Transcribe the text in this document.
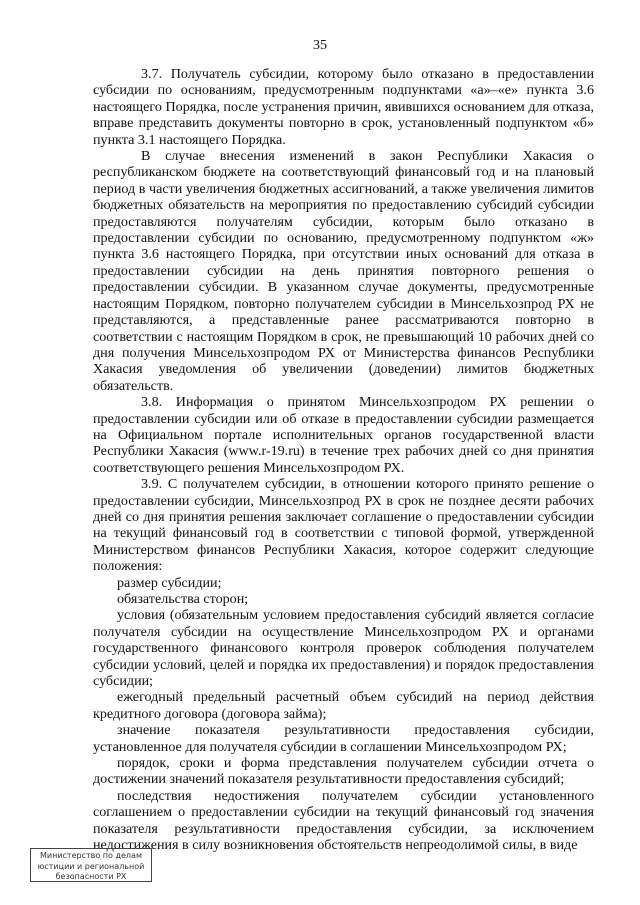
35

3.7. Получатель субсидии, которому было отказано в предоставлении субсидии по основаниям, предусмотренным подпунктами «а»–«е» пункта 3.6 настоящего Порядка, после устранения причин, явившихся основанием для отказа, вправе представить документы повторно в срок, установленный подпунктом «б» пункта 3.1 настоящего Порядка.

В случае внесения изменений в закон Республики Хакасия о республиканском бюджете на соответствующий финансовый год и на плановый период в части увеличения бюджетных ассигнований, а также увеличения лимитов бюджетных обязательств на мероприятия по предоставлению субсидий субсидии предоставляются получателям субсидии, которым было отказано в предоставлении субсидии по основанию, предусмотренному подпунктом «ж» пункта 3.6 настоящего Порядка, при отсутствии иных оснований для отказа в предоставлении субсидии на день принятия повторного решения о предоставлении субсидии. В указанном случае документы, предусмотренные настоящим Порядком, повторно получателем субсидии в Минсельхозпрод РХ не представляются, а представленные ранее рассматриваются повторно в соответствии с настоящим Порядком в срок, не превышающий 10 рабочих дней со дня получения Минсельхозпродом РХ от Министерства финансов Республики Хакасия уведомления об увеличении (доведении) лимитов бюджетных обязательств.

3.8. Информация о принятом Минсельхозпродом РХ решении о предоставлении субсидии или об отказе в предоставлении субсидии размещается на Официальном портале исполнительных органов государственной власти Республики Хакасия (www.r-19.ru) в течение трех рабочих дней со дня принятия соответствующего решения Минсельхозпродом РХ.

3.9. С получателем субсидии, в отношении которого принято решение о предоставлении субсидии, Минсельхозпрод РХ в срок не позднее десяти рабочих дней со дня принятия решения заключает соглашение о предоставлении субсидии на текущий финансовый год в соответствии с типовой формой, утвержденной Министерством финансов Республики Хакасия, которое содержит следующие положения:

размер субсидии;

обязательства сторон;

условия (обязательным условием предоставления субсидий является согласие получателя субсидии на осуществление Минсельхозпродом РХ и органами государственного финансового контроля проверок соблюдения получателем субсидии условий, целей и порядка их предоставления) и порядок предоставления субсидии;

ежегодный предельный расчетный объем субсидий на период действия кредитного договора (договора займа);

значение показателя результативности предоставления субсидии, установленное для получателя субсидии в соглашении Минсельхозпродом РХ;

порядок, сроки и форма представления получателем субсидии отчета о достижении значений показателя результативности предоставления субсидий;

последствия недостижения получателем субсидии установленного соглашением о предоставлении субсидии на текущий финансовый год значения показателя результативности предоставления субсидии, за исключением недостижения в силу возникновения обстоятельств непреодолимой силы, в виде

Министерство по делам
юстиции и региональной
безопасности РХ
